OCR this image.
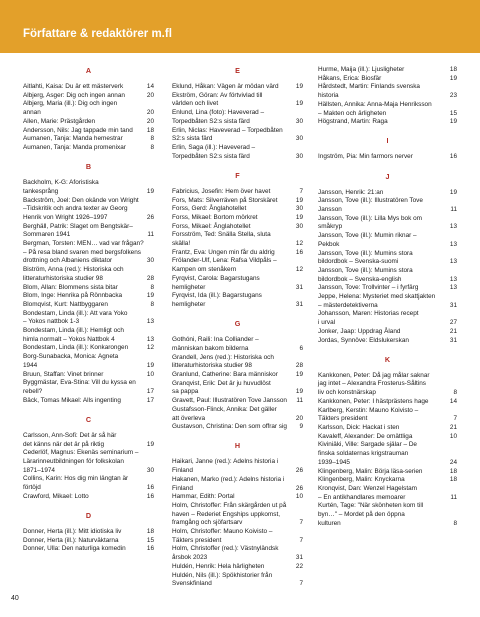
Författare & redaktörer m.fl
A
Aitlahti, Kaisa: Du är ett mästerverk	14
Albjerg, Asger: Dig och ingen annan	20
Albjerg, Maria (ill.): Dig och ingen
annan	20
Allen, Marie: Prästgården	20
Andersson, Nils: Jag tappade min tand	18
Aumanen, Tanja: Manda hemestrar	8
Aumanen, Tanja: Manda promenixar	8
B
Backholm, K-G: Aforistiska
tankesprång	19
Backström, Joel: Den okände von Wright
–Tidskritik och andra texter av Georg
Henrik von Wright 1926–1997	26
Berghäll, Patrik: Slaget om Bengtskär–
Sommaren 1941	11
Bergman, Torsten: MEN… vad var frågan?
– På resa bland svaren med bergsfolkens
drottning och Albaniens diktator	30
Biström, Anna (red.): Historiska och
litteraturhistoriska studier 98	28
Blom, Allan: Blommens sista bitar	8
Blom, Inge: Henrika på Rönnbacka	19
Blomqvist, Kurt: Nattbyggaren	8
Bondestam, Linda (ill.): Att vara Yoko
– Yokos nattbok 1-3	13
Bondestam, Linda (ill.): Hemligt och
himla normalt – Yokos Nattbok 4	13
Bondestam, Linda (ill.): Konkarongen	12
Borg-Sunabacka, Monica: Agneta
1944	19
Bruun, Staffan: Vinet brinner	10
Byggmästar, Eva-Stina: Vill du kyssa en
rebell?	17
Bäck, Tomas Mikael: Alls ingenting	17
C
Carlsson, Ann-Sofi: Det är så här
det känns när det är på riktig	19
Cederlöf, Magnus: Ekenäs seminarium –
Lärarinneutbildningen för folkskolan
1871–1974	30
Collins, Karin: Hos dig min längtan är
förtöjd	16
Crawford, Mikael: Lotto	16
D
Donner, Herta (ill.): Mitt idiotiska liv	18
Donner, Herta (ill.): Naturväktarna	15
Donner, Ulla: Den naturliga komedin	16
E
Eklund, Håkan: Vägen är mödan värd	19
Ekström, Göran: Av förtvivlad till
världen och livet	19
Enlund, Lina (foto): Haveverad –
Torpedbåten S2:s sista färd	30
Erlin, Niclas: Haveverad – Torpedbåten
S2:s sista färd	30
Erlin, Saga (ill.): Haveverad –
Torpedbåten S2:s sista färd	30
F
Fabricius, Josefin: Hem över havet	7
Fors, Mats: Silverräven på Storskäret	19
Forss, Gerd: Ånglahotellet	30
Forss, Mikael: Bortom mörkret	19
Forss, Mikael: Ånglahotellet	30
Forsström, Ted: Snälla Stella, sluta
skälla!	12
Frantz, Eva: Ungen min får du aldrig	16
Frölander-Ulf, Lena: Rafsa Vildpåls –
Kampen om stenåkern	12
Fyrqvist, Carola: Bagarstugans
hemligheter	31
Fyrqvist, Ida (ill.): Bagarstugans
hemligheter	31
G
Gothóni, Raili: Ina Colliander –
människan bakom bilderna	6
Grandell, Jens (red.): Historiska och
litteraturhistoriska studier 98	28
Granlund, Catherine: Bara människor	19
Granqvist, Erik: Det är ju huvudlöst
sa pappa	19
Gravett, Paul: Illustratören Tove Jansson	11
Gustafsson-Flinck, Annika: Det gäller
att överleva	20
Gustavson, Christina: Den som offrar sig	9
H
Haikari, Janne (red.): Adelns historia i
Finland	26
Hakanen, Marko (red.): Adelns historia i
Finland	26
Hammar, Edith: Portal	10
Holm, Christoffer: Från skärgården ut på
haven – Rederiet Engships uppkomst,
framgång och sjöfartsarv	7
Holm, Christoffer: Mauno Koivisto –
Täkters president	7
Holm, Christoffer (red.): Västnyländsk
årsbok 2023	31
Huldén, Henrik: Hela härligheten	22
Huldén, Nils (ill.): Spökhistorier från
Svenskfinland	7
Hurme, Maija (ill.): Ljusligheter	18
Håkans, Erica: Biosfär	19
Hårdstedt, Martin: Finlands svenska
historia	23
Hällsten, Annika: Anna-Maja Henriksson
– Makten och ärligheten	15
Högstrand, Martin: Raga	19
I
Ingström, Pia: Min farmors nerver	16
J
Jansson, Henrik: 21:an	19
Jansson, Tove (ill.): Illustratören Tove
Jansson	11
Jansson, Tove (ill.): Lilla Mys bok om
småkryp	13
Jansson, Tove (ill.): Mumin riknar –
Pekbok	13
Jansson, Tove (ill.): Mumins stora
bildordbok – Svenska-suomi	13
Jansson, Tove (ill.): Mumins stora
bildordbok – Svenska-english	13
Jansson, Tove: Trollvinter – i fyrfärg	13
Jeppe, Helena: Mysteriet med skattjakten
– mästerdetektiverna	31
Johansson, Maren: Historias recept
i urval	27
Jonker, Jaap: Uppdrag Åland	21
Jordas, Synnöve: Eldslukerskan	31
K
Kankkonen, Peter: Då jag målar saknar
jag intet – Alexandra Frosterus-Såltins
liv och konstnärskap	8
Kankkonen, Peter: I hästprästens hage	14
Karlberg, Kerstin: Mauno Koivisto –
Täkters president	7
Karlsson, Dick: Hackat i sten	21
Kavaleff, Alexander: De omättliga	10
Kiviniäki, Ville: Sargade själar – De
finska soldaternas krigstrauman
1939–1945	24
Klingenberg, Malin: Börja läsa-serien	18
Klingenberg, Malin: Knyckarna	18
Kronqvist, Dan: Wenzel Hagelstam
– En antikhandlares memoarer	11
Kurtén, Tage: "När skönheten kom till
byn…" – Mordet på den öppna
kulturen	8
40
